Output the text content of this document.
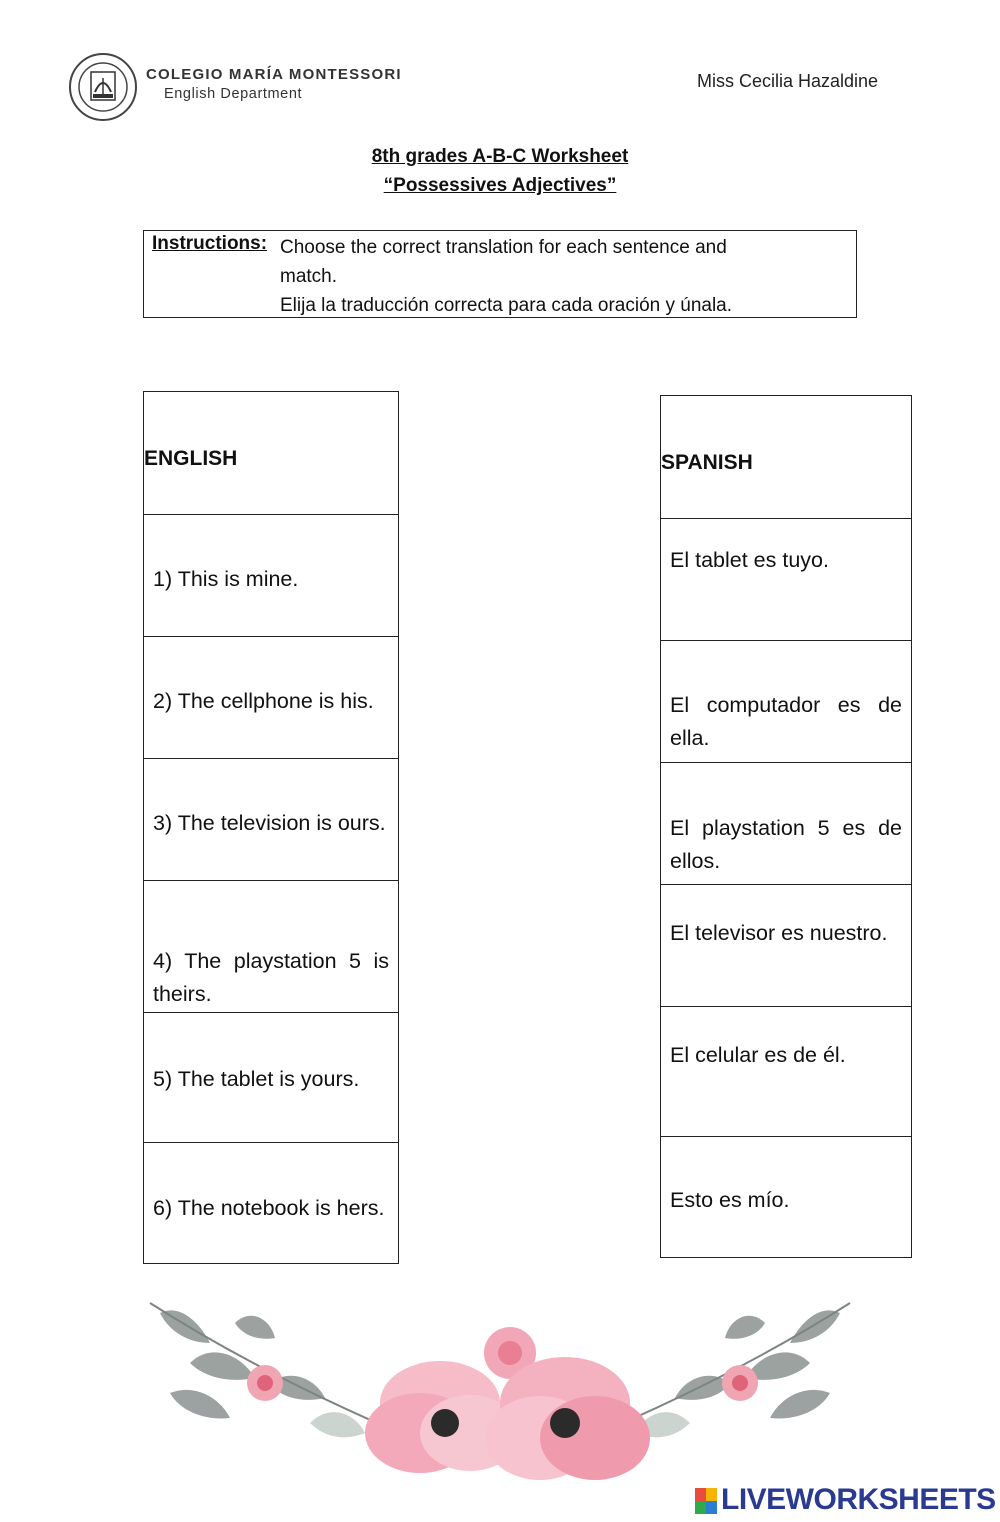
COLEGIO MARÍA MONTESSORI
English Department
Miss Cecilia Hazaldine
8th grades A-B-C Worksheet
“Possessives Adjectives”
Instructions: Choose the correct translation for each sentence and
match.
Elija la traducción correcta para cada oración y únala.
ENGLISH
1) This is mine.
2) The cellphone is his.
3) The television is ours.
4) The playstation 5 is theirs.
5) The tablet is yours.
6) The notebook is hers.
SPANISH
El tablet es tuyo.
El computador es de ella.
El playstation 5 es de ellos.
El televisor es nuestro.
El celular es de él.
Esto es mío.
LIVEWORKSHEETS
